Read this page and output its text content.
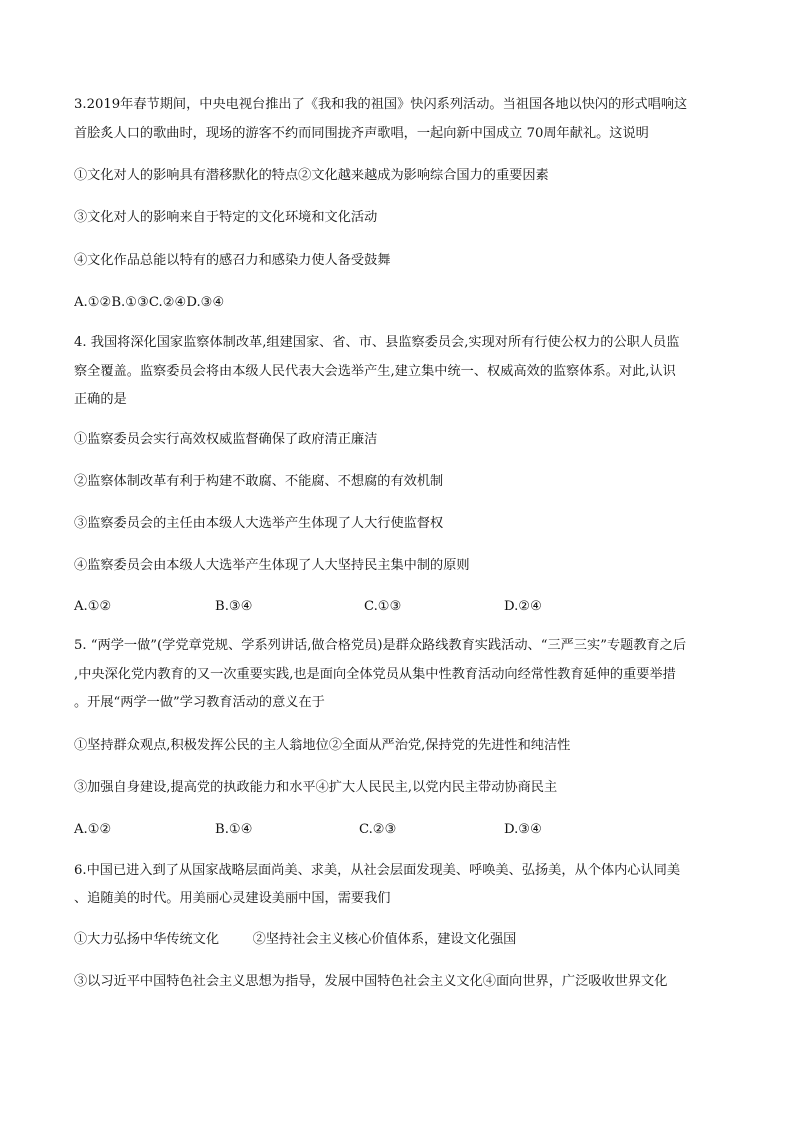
3.2019年春节期间，中央电视台推出了《我和我的祖国》快闪系列活动。当祖国各地以快闪的形式唱响这
首脍炙人口的歌曲时，现场的游客不约而同围拢齐声歌唱，一起向新中国成立 70周年献礼。这说明
①文化对人的影响具有潜移默化的特点②文化越来越成为影响综合国力的重要因素
③文化对人的影响来自于特定的文化环境和文化活动
④文化作品总能以特有的感召力和感染力使人备受鼓舞
A.①②B.①③C.②④D.③④
4. 我国将深化国家监察体制改革,组建国家、省、市、县监察委员会,实现对所有行使公权力的公职人员监
察全覆盖。监察委员会将由本级人民代表大会选举产生,建立集中统一、权威高效的监察体系。对此,认识
正确的是
①监察委员会实行高效权威监督确保了政府清正廉洁
②监察体制改革有利于构建不敢腐、不能腐、不想腐的有效机制
③监察委员会的主任由本级人大选举产生体现了人大行使监督权
④监察委员会由本级人大选举产生体现了人大坚持民主集中制的原则
A.①②	B.③④	C.①③	D.②④
5. “两学一做”(学党章党规、学系列讲话,做合格党员)是群众路线教育实践活动、“三严三实”专题教育之后
,中央深化党内教育的又一次重要实践,也是面向全体党员从集中性教育活动向经常性教育延伸的重要举措
。开展“两学一做”学习教育活动的意义在于
①坚持群众观点,积极发挥公民的主人翁地位②全面从严治党,保持党的先进性和纯洁性
③加强自身建设,提高党的执政能力和水平④扩大人民民主,以党内民主带动协商民主
A.①②	B.①④	C.②③	D.③④
6.中国已进入到了从国家战略层面尚美、求美，从社会层面发现美、呼唤美、弘扬美，从个体内心认同美
、追随美的时代。用美丽心灵建设美丽中国，需要我们
①大力弘扬中华传统文化        ②坚持社会主义核心价值体系，建设文化强国
③以习近平中国特色社会主义思想为指导，发展中国特色社会主义文化④面向世界，广泛吸收世界文化
